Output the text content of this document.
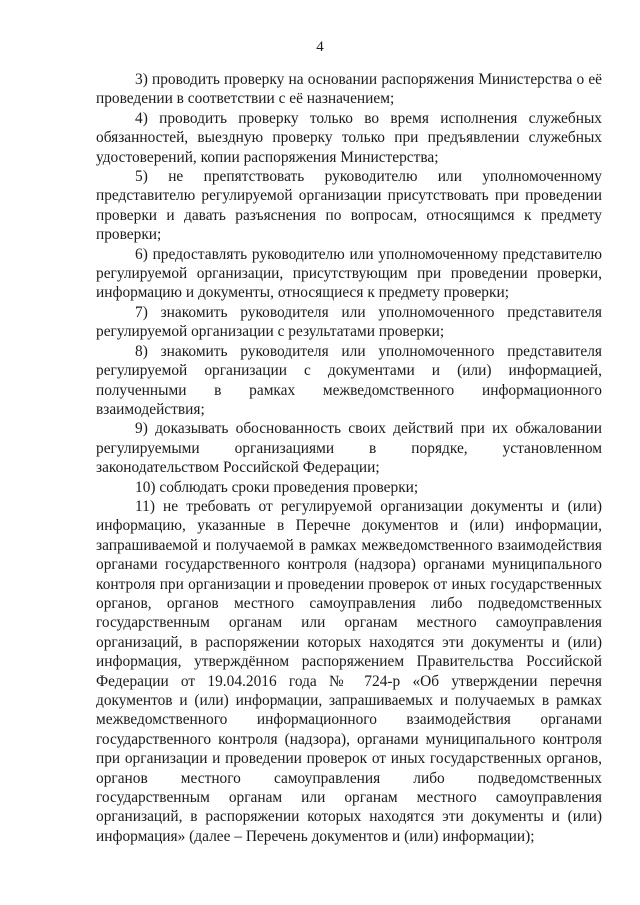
4

3) проводить проверку на основании распоряжения Министерства о её проведении в соответствии с её назначением;

4) проводить проверку только во время исполнения служебных обязанностей, выездную проверку только при предъявлении служебных удостоверений, копии распоряжения Министерства;

5) не препятствовать руководителю или уполномоченному представителю регулируемой организации присутствовать при проведении проверки и давать разъяснения по вопросам, относящимся к предмету проверки;

6) предоставлять руководителю или уполномоченному представителю регулируемой организации, присутствующим при проведении проверки, информацию и документы, относящиеся к предмету проверки;

7) знакомить руководителя или уполномоченного представителя регулируемой организации с результатами проверки;

8) знакомить руководителя или уполномоченного представителя регулируемой организации с документами и (или) информацией, полученными в рамках межведомственного информационного взаимодействия;

9) доказывать обоснованность своих действий при их обжаловании регулируемыми организациями в порядке, установленном законодательством Российской Федерации;

10) соблюдать сроки проведения проверки;

11) не требовать от регулируемой организации документы и (или) информацию, указанные в Перечне документов и (или) информации, запрашиваемой и получаемой в рамках межведомственного взаимодействия органами государственного контроля (надзора) органами муниципального контроля при организации и проведении проверок от иных государственных органов, органов местного самоуправления либо подведомственных государственным органам или органам местного самоуправления организаций, в распоряжении которых находятся эти документы и (или) информация, утверждённом распоряжением Правительства Российской Федерации от 19.04.2016 года № 724-р «Об утверждении перечня документов и (или) информации, запрашиваемых и получаемых в рамках межведомственного информационного взаимодействия органами государственного контроля (надзора), органами муниципального контроля при организации и проведении проверок от иных государственных органов, органов местного самоуправления либо подведомственных государственным органам или органам местного самоуправления организаций, в распоряжении которых находятся эти документы и (или) информация» (далее – Перечень документов и (или) информации);
